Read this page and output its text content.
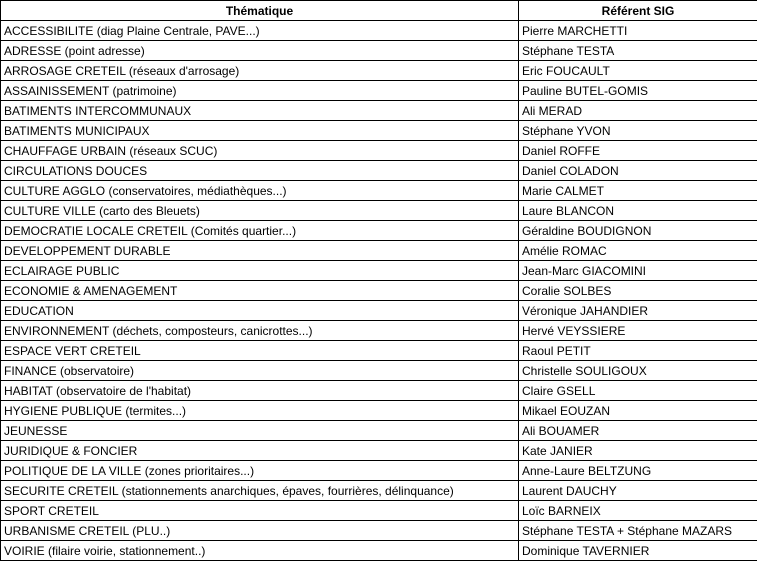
Thématique	Référent SIG
ACCESSIBILITE (diag Plaine Centrale, PAVE...)	Pierre MARCHETTI
ADRESSE (point adresse)	Stéphane TESTA
ARROSAGE CRETEIL (réseaux d'arrosage)	Eric FOUCAULT
ASSAINISSEMENT (patrimoine)	Pauline BUTEL-GOMIS
BATIMENTS INTERCOMMUNAUX	Ali MERAD
BATIMENTS MUNICIPAUX	Stéphane YVON
CHAUFFAGE URBAIN (réseaux SCUC)	Daniel ROFFE
CIRCULATIONS DOUCES	Daniel COLADON
CULTURE AGGLO (conservatoires, médiathèques...)	Marie CALMET
CULTURE VILLE (carto des Bleuets)	Laure BLANCON
DEMOCRATIE LOCALE CRETEIL (Comités quartier...)	Géraldine BOUDIGNON
DEVELOPPEMENT DURABLE	Amélie ROMAC
ECLAIRAGE PUBLIC	Jean-Marc GIACOMINI
ECONOMIE & AMENAGEMENT	Coralie SOLBES
EDUCATION	Véronique JAHANDIER
ENVIRONNEMENT (déchets, composteurs, canicrottes...)	Hervé VEYSSIERE
ESPACE VERT CRETEIL	Raoul PETIT
FINANCE (observatoire)	Christelle SOULIGOUX
HABITAT (observatoire de l'habitat)	Claire GSELL
HYGIENE PUBLIQUE (termites...)	Mikael EOUZAN
JEUNESSE	Ali BOUAMER
JURIDIQUE & FONCIER	Kate JANIER
POLITIQUE DE LA VILLE (zones prioritaires...)	Anne-Laure BELTZUNG
SECURITE CRETEIL (stationnements anarchiques, épaves, fourrières, délinquance)	Laurent DAUCHY
SPORT CRETEIL	Loïc BARNEIX
URBANISME CRETEIL (PLU..)	Stéphane TESTA + Stéphane MAZARS
VOIRIE (filaire voirie, stationnement..)	Dominique TAVERNIER
